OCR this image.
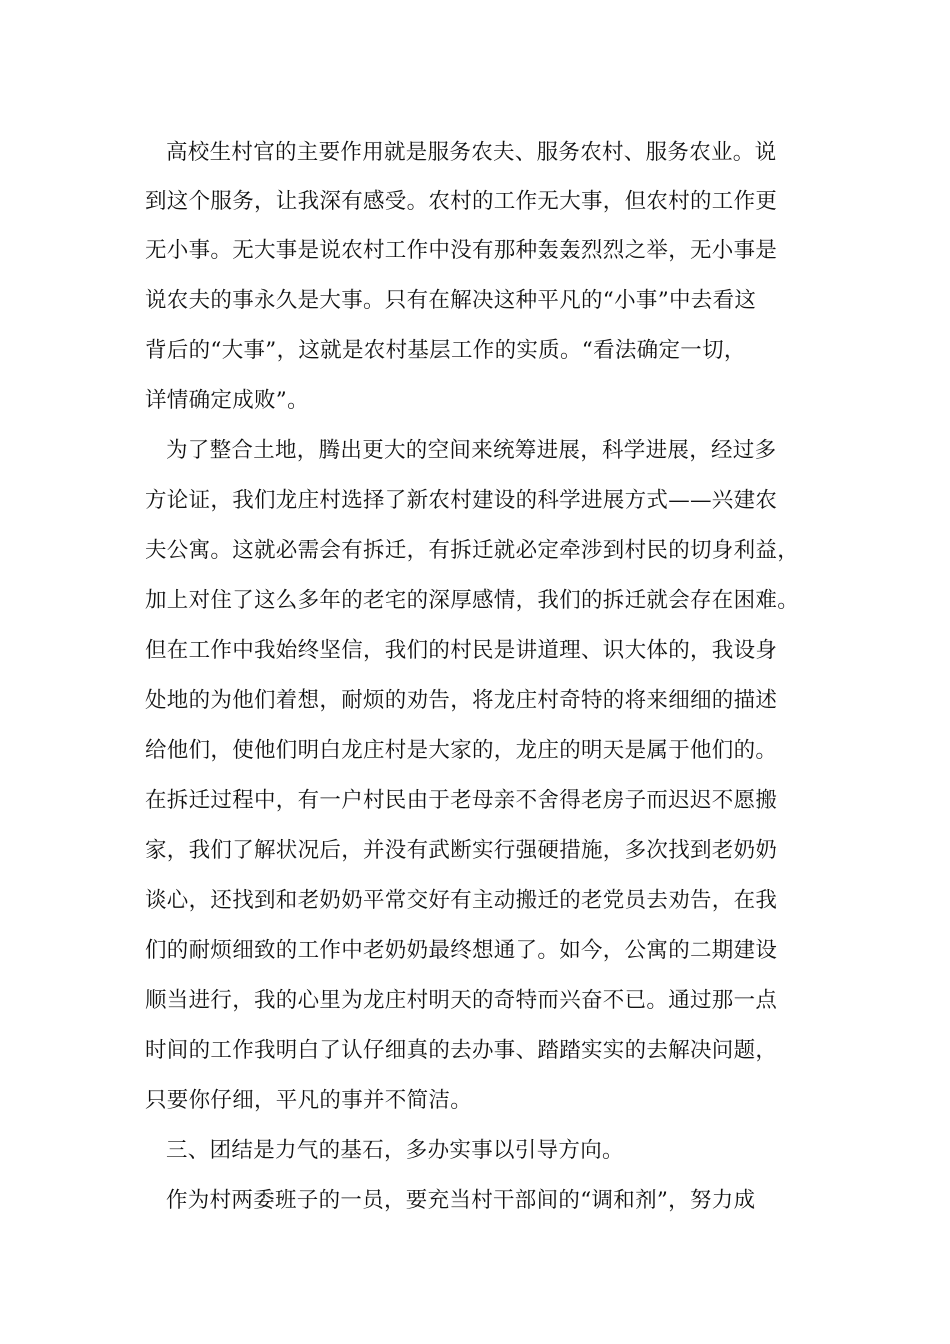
高校生村官的主要作用就是服务农夫、服务农村、服务农业。说
到这个服务，让我深有感受。农村的工作无大事，但农村的工作更
无小事。无大事是说农村工作中没有那种轰轰烈烈之举，无小事是
说农夫的事永久是大事。只有在解决这种平凡的“小事”中去看这
背后的“大事”，这就是农村基层工作的实质。“看法确定一切，
详情确定成败”。
为了整合土地，腾出更大的空间来统筹进展，科学进展，经过多
方论证，我们龙庄村选择了新农村建设的科学进展方式——兴建农
夫公寓。这就必需会有拆迁，有拆迁就必定牵涉到村民的切身利益，
加上对住了这么多年的老宅的深厚感情，我们的拆迁就会存在困难。
但在工作中我始终坚信，我们的村民是讲道理、识大体的，我设身
处地的为他们着想，耐烦的劝告，将龙庄村奇特的将来细细的描述
给他们，使他们明白龙庄村是大家的，龙庄的明天是属于他们的。
在拆迁过程中，有一户村民由于老母亲不舍得老房子而迟迟不愿搬
家，我们了解状况后，并没有武断实行强硬措施，多次找到老奶奶
谈心，还找到和老奶奶平常交好有主动搬迁的老党员去劝告，在我
们的耐烦细致的工作中老奶奶最终想通了。如今，公寓的二期建设
顺当进行，我的心里为龙庄村明天的奇特而兴奋不已。通过那一点
时间的工作我明白了认仔细真的去办事、踏踏实实的去解决问题，
只要你仔细，平凡的事并不简洁。
三、团结是力气的基石，多办实事以引导方向。
作为村两委班子的一员，要充当村干部间的“调和剂”，努力成
